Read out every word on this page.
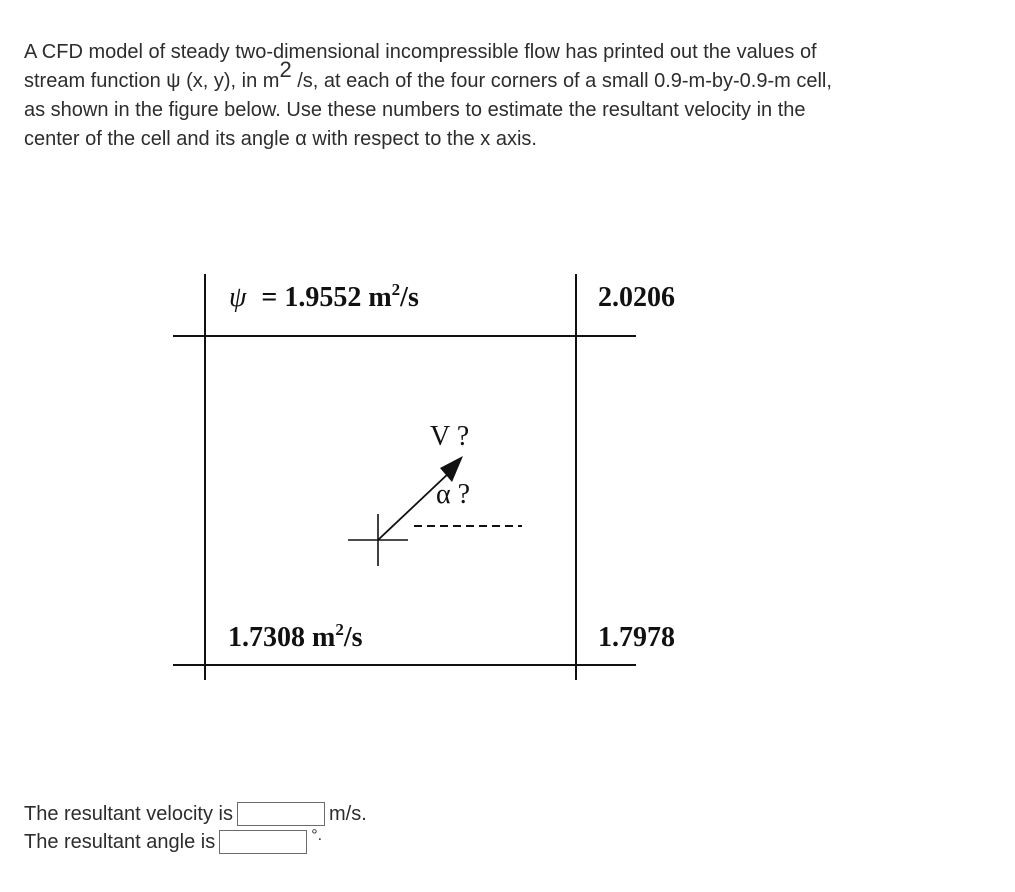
A CFD model of steady two-dimensional incompressible flow has printed out the values of
stream function ψ (x, y), in $m^2$ /s, at each of the four corners of a small 0.9-m-by-0.9-m cell,
as shown in the figure below. Use these numbers to estimate the resultant velocity in the
center of the cell and its angle α with respect to the x axis.
ψ = 1.9552 $m^2/s$	2.0206
1.7308 $m^2/s$	1.7978
V ?
α ?
The resultant velocity is	m/s.
The resultant angle is	°.
